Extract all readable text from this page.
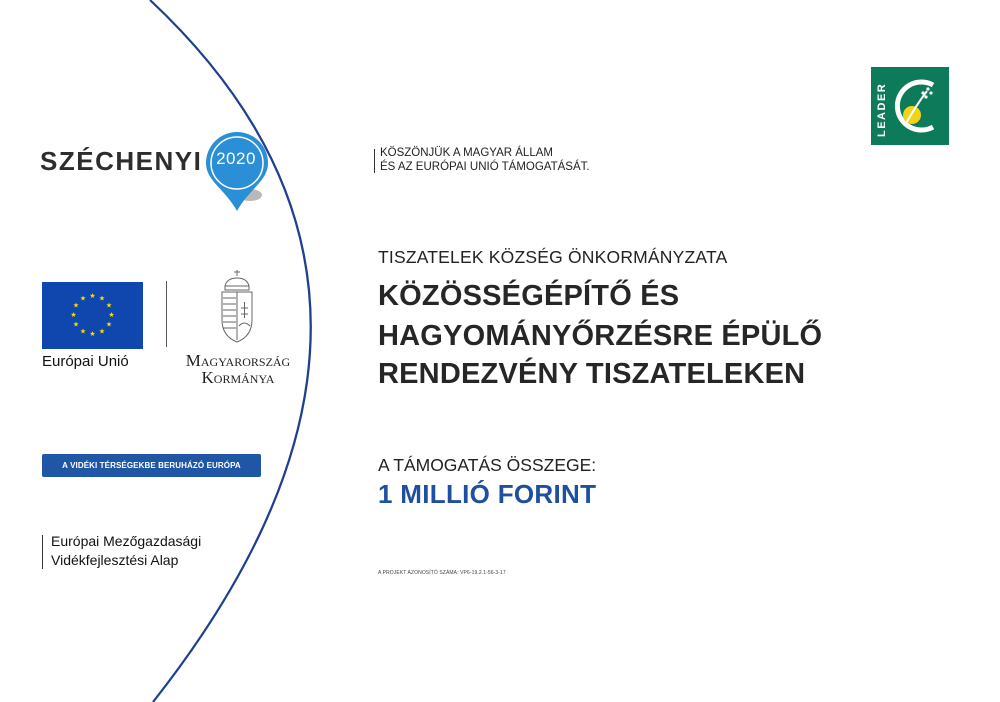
SZÉCHENYI 2020
★ ★
★
★
★
★
★
★
★
★
★
★
Európai Unió	Magyarország
Kormánya
A VIDÉKI TÉRSÉGEKBE BERUHÁZÓ EURÓPA
Európai Mezőgazdasági
Vidékfejlesztési Alap
KÖSZÖNJÜK A MAGYAR ÁLLAM
ÉS AZ EURÓPAI UNIÓ TÁMOGATÁSÁT.
TISZATELEK KÖZSÉG ÖNKORMÁNYZATA
KÖZÖSSÉGÉPÍTŐ ÉS
HAGYOMÁNYŐRZÉSRE ÉPÜLŐ
RENDEZVÉNY TISZATELEKEN
A TÁMOGATÁS ÖSSZEGE:
1 MILLIÓ FORINT
A PROJEKT AZONOSÍTÓ SZÁMA: VP6-19.2.1-56-3-17
LEADER
